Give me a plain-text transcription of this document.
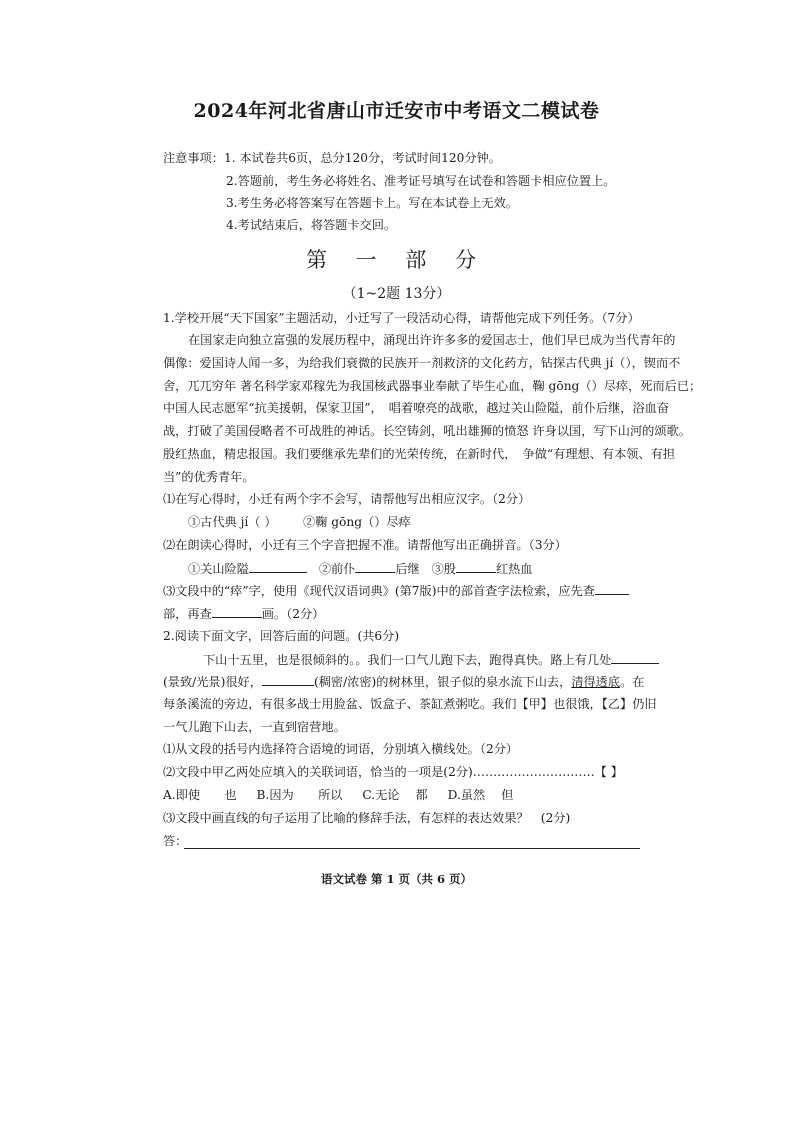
2024年河北省唐山市迁安市中考语文二模试卷
注意事项：1. 本试卷共6页，总分120分，考试时间120分钟。
2.答题前，考生务必将姓名、准考证号填写在试卷和答题卡相应位置上。
3.考生务必将答案写在答题卡上。写在本试卷上无效。
4.考试结束后，将答题卡交回。
第 一 部 分
（1~2题 13分）
1.学校开展“天下国家”主题活动，小迁写了一段活动心得，请帮他完成下列任务。（7分）
在国家走向独立富强的发展历程中，涌现出许许多多的爱国志士，他们早已成为当代青年的
偶像：爱国诗人闻一多，为给我们衰微的民族开一剂救济的文化药方，钻探古代典 jí（），锲而不
舍，兀兀穷年 著名科学家邓稼先为我国核武器事业奉献了毕生心血，鞠 gōng（）尽瘁，死而后已；
中国人民志愿军“抗美援朝，保家卫国”，　唱着嘹亮的战歌，越过关山险隘，前仆后继，浴血奋
战，打破了美国侵略者不可战胜的神话。长空铸剑，吼出雄狮的愤怒 许身以国，写下山河的颂歌。
殷红热血，精忠报国。我们要继承先辈们的光荣传统，在新时代，　争做“有理想、有本领、有担
当”的优秀青年。
⑴在写心得时，小迁有两个字不会写，请帮他写出相应汉字。（2分）
①古代典 jí（ ） ②鞠 gōng（）尽瘁
⑵在朗读心得时，小迁有三个字音把握不准。请帮他写出正确拼音。（3分）
①关山险隘	②前仆	后继 ③殷	红热血
⑶文段中的“瘁”字，使用《现代汉语词典》(第7版)中的部首查字法检索，应先查
部，再查	画。（2分）
2.阅读下面文字，回答后面的问题。(共6分)
下山十五里，也是很倾斜的。。我们一口气儿跑下去，跑得真快。路上有几处
(景致/光景)很好，	(稠密/浓密)的树林里，银子似的泉水流下山去，清得透底。在
每条溪流的旁边，有很多战士用脸盆、饭盒子、茶缸煮粥吃。我们【甲】也很饿，【乙】仍旧
一气儿跑下山去，一直到宿营地。
⑴从文段的括号内选择符合语境的词语，分别填入横线处。（2分）
⑵文段中甲乙两处应填入的关联词语，恰当的一项是(2分)…………………………【 】
A.即使　　也 B.因为　　所以 C.无论　 都 D.虽然　 但
⑶文段中画直线的句子运用了比喻的修辞手法，有怎样的表达效果？　(2分)
答：
语文试卷 第 1 页（共 6 页）
